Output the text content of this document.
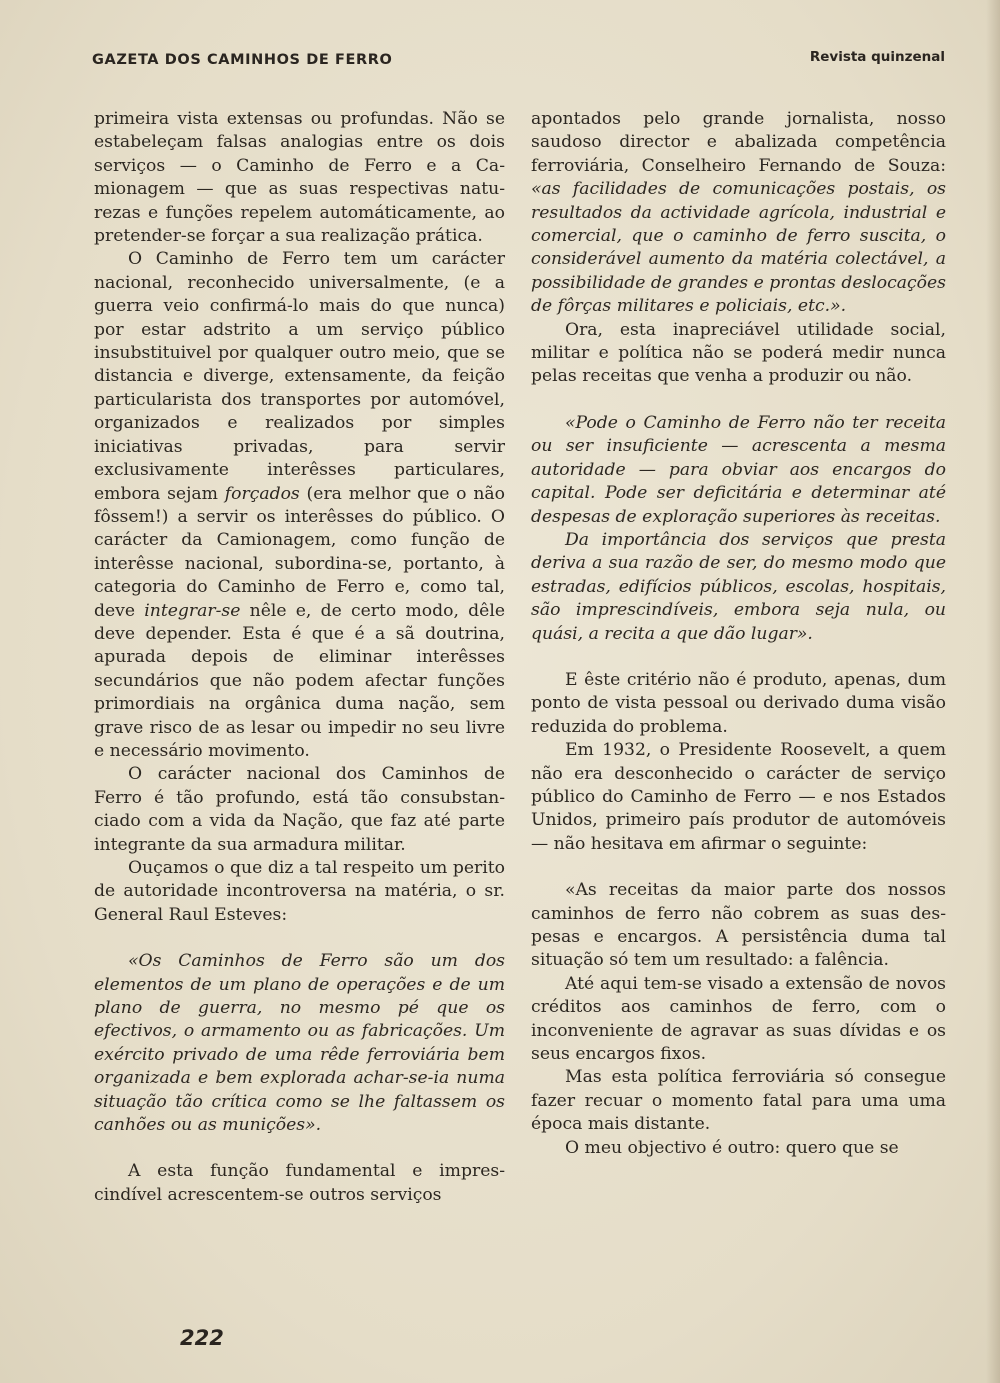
GAZETA DOS CAMINHOS DE FERRO	Revista quinzenal

primeira vista extensas ou profundas. Não se estabeleçam falsas analogias entre os dois serviços — o Caminho de Ferro e a Camionagem — que as suas respectivas naturezas e funções repelem automáticamente, ao pretender-se forçar a sua realização prática.

O Caminho de Ferro tem um carácter nacional, reconhecido universalmente, (e a guerra veio confirmá-lo mais do que nunca) por estar adstrito a um serviço público insubstituivel por qualquer outro meio, que se distancia e diverge, extensamente, da feição particularista dos transportes por automóvel, organizados e realizados por simples iniciativas privadas, para servir exclusivamente interêsses particulares, embora sejam forçados (era melhor que o não fôssem!) a servir os interêsses do público. O carácter da Camionagem, como função de interêsse nacional, subordina-se, portanto, à categoria do Caminho de Ferro e, como tal, deve integrar-se nêle e, de certo modo, dêle deve depender. Esta é que é a sã doutrina, apurada depois de eliminar interêsses secundários que não podem afectar funções primordiais na orgânica duma nação, sem grave risco de as lesar ou impedir no seu livre e necessário movimento.

O carácter nacional dos Caminhos de Ferro é tão profundo, está tão consubstanciado com a vida da Nação, que faz até parte integrante da sua armadura militar.

Ouçamos o que diz a tal respeito um perito de autoridade incontroversa na matéria, o sr. General Raul Esteves:

«Os Caminhos de Ferro são um dos elementos de um plano de operações e de um plano de guerra, no mesmo pé que os efectivos, o armamento ou as fabricações. Um exército privado de uma rêde ferroviária bem organizada e bem explorada achar-se-ia numa situação tão crítica como se lhe faltassem os canhões ou as munições».

A esta função fundamental e imprescindível acrescentem-se outros serviços

apontados pelo grande jornalista, nosso saudoso director e abalizada competência ferroviária, Conselheiro Fernando de Souza: «as facilidades de comunicações postais, os resultados da actividade agrícola, industrial e comercial, que o caminho de ferro suscita, o considerável aumento da matéria colectável, a possibilidade de grandes e prontas deslocações de fôrças militares e policiais, etc.».

Ora, esta inapreciável utilidade social, militar e política não se poderá medir nunca pelas receitas que venha a produzir ou não.

«Pode o Caminho de Ferro não ter receita ou ser insuficiente — acrescenta a mesma autoridade — para obviar aos encargos do capital. Pode ser deficitária e determinar até despesas de exploração superiores às receitas.

Da importância dos serviços que presta deriva a sua razão de ser, do mesmo modo que estradas, edifícios públicos, escolas, hospitais, são imprescindíveis, embora seja nula, ou quási, a recita a que dão lugar».

E êste critério não é produto, apenas, dum ponto de vista pessoal ou derivado duma visão reduzida do problema.

Em 1932, o Presidente Roosevelt, a quem não era desconhecido o carácter de serviço público do Caminho de Ferro — e nos Estados Unidos, primeiro país produtor de automóveis — não hesitava em afirmar o seguinte:

«As receitas da maior parte dos nossos caminhos de ferro não cobrem as suas despesas e encargos. A persistência duma tal situação só tem um resultado: a falência.

Até aqui tem-se visado a extensão de novos créditos aos caminhos de ferro, com o inconveniente de agravar as suas dívidas e os seus encargos fixos.

Mas esta política ferroviária só consegue fazer recuar o momento fatal para uma uma época mais distante.

O meu objectivo é outro: quero que se

222
